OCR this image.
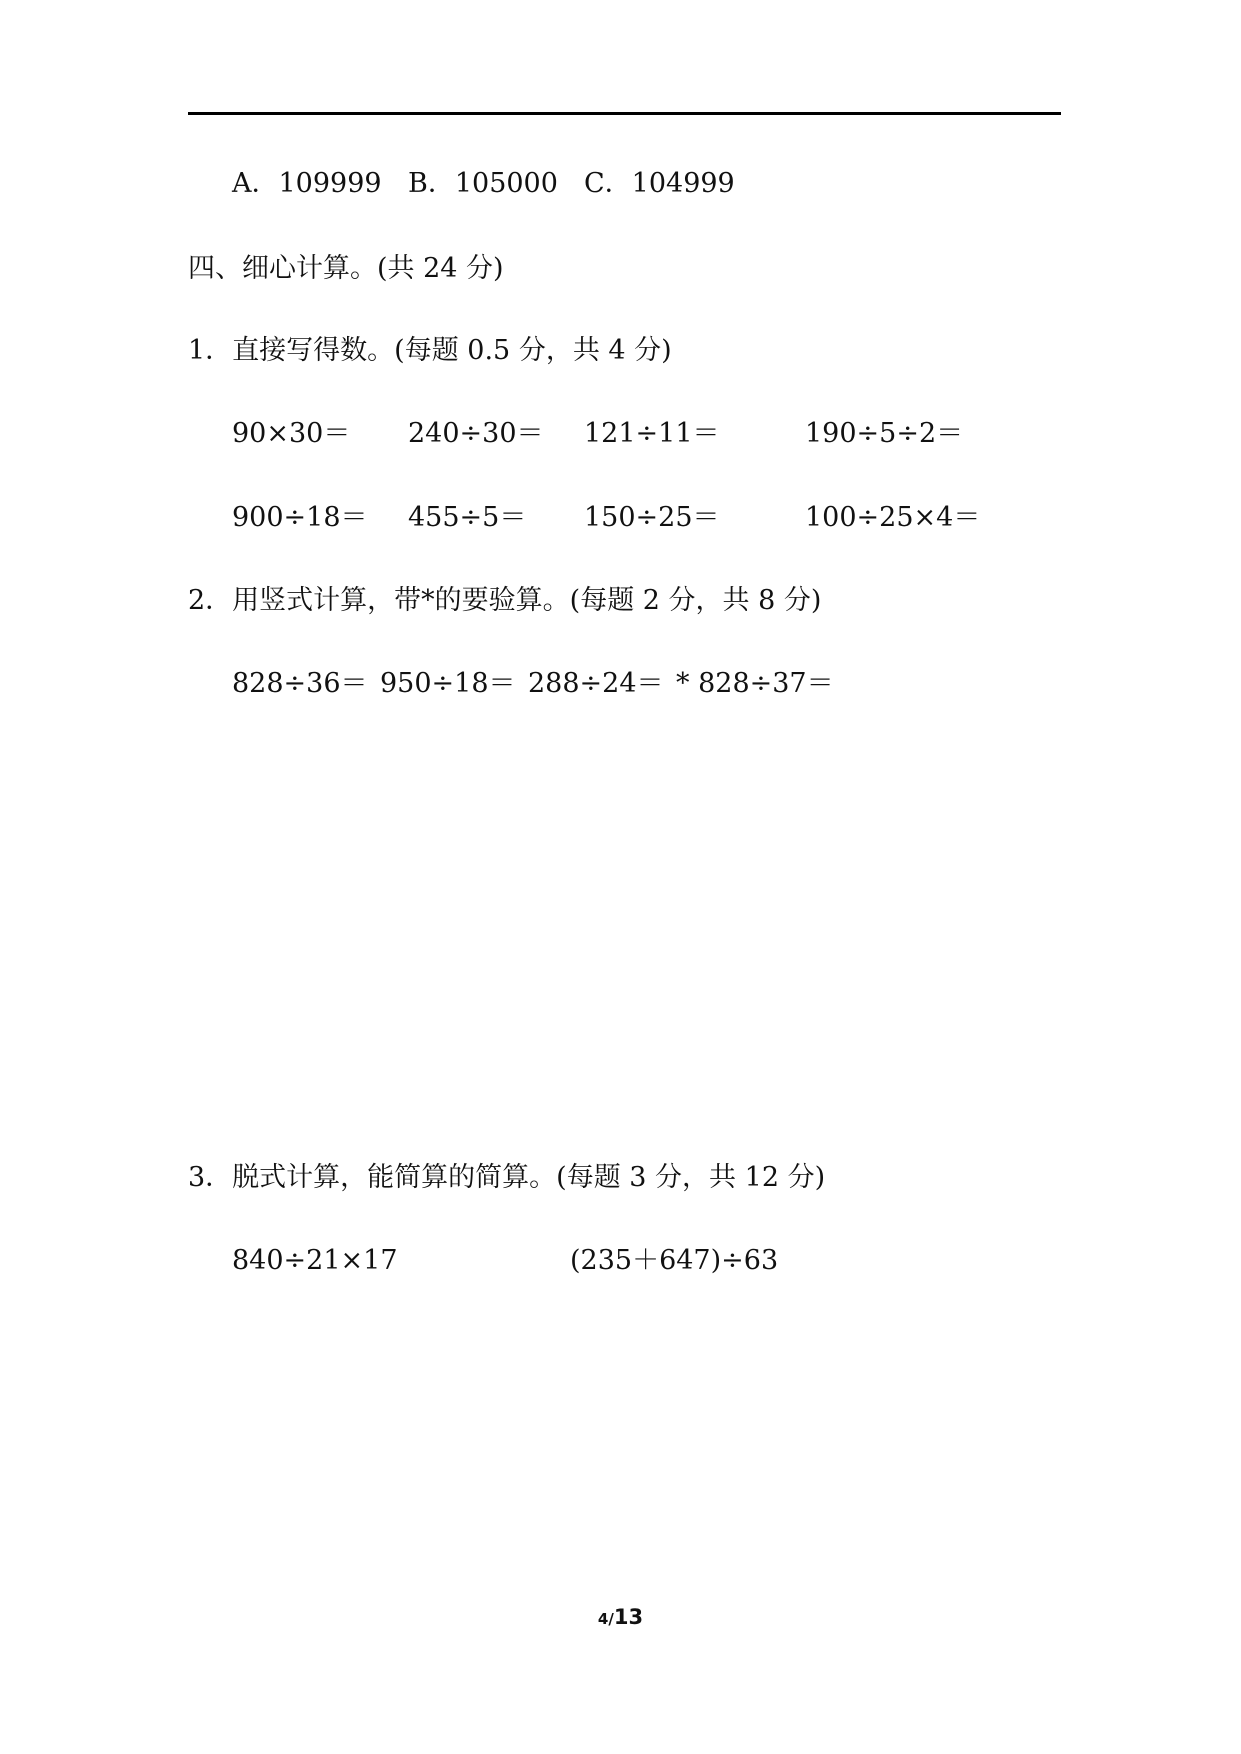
A．109999 B．105000 C．104999
四、细心计算。(共 24 分)
1．直接写得数。(每题 0.5 分，共 4 分)
90×30＝ 240÷30＝ 121÷11＝	190÷5÷2＝
900÷18＝ 455÷5＝ 150÷25＝	100÷25×4＝
2．用竖式计算，带*的要验算。(每题 2 分，共 8 分)
828÷36＝ 950÷18＝ 288÷24＝ * 828÷37＝
3．脱式计算，能简算的简算。(每题 3 分，共 12 分)
840÷21×17	(235＋647)÷63
4/13
